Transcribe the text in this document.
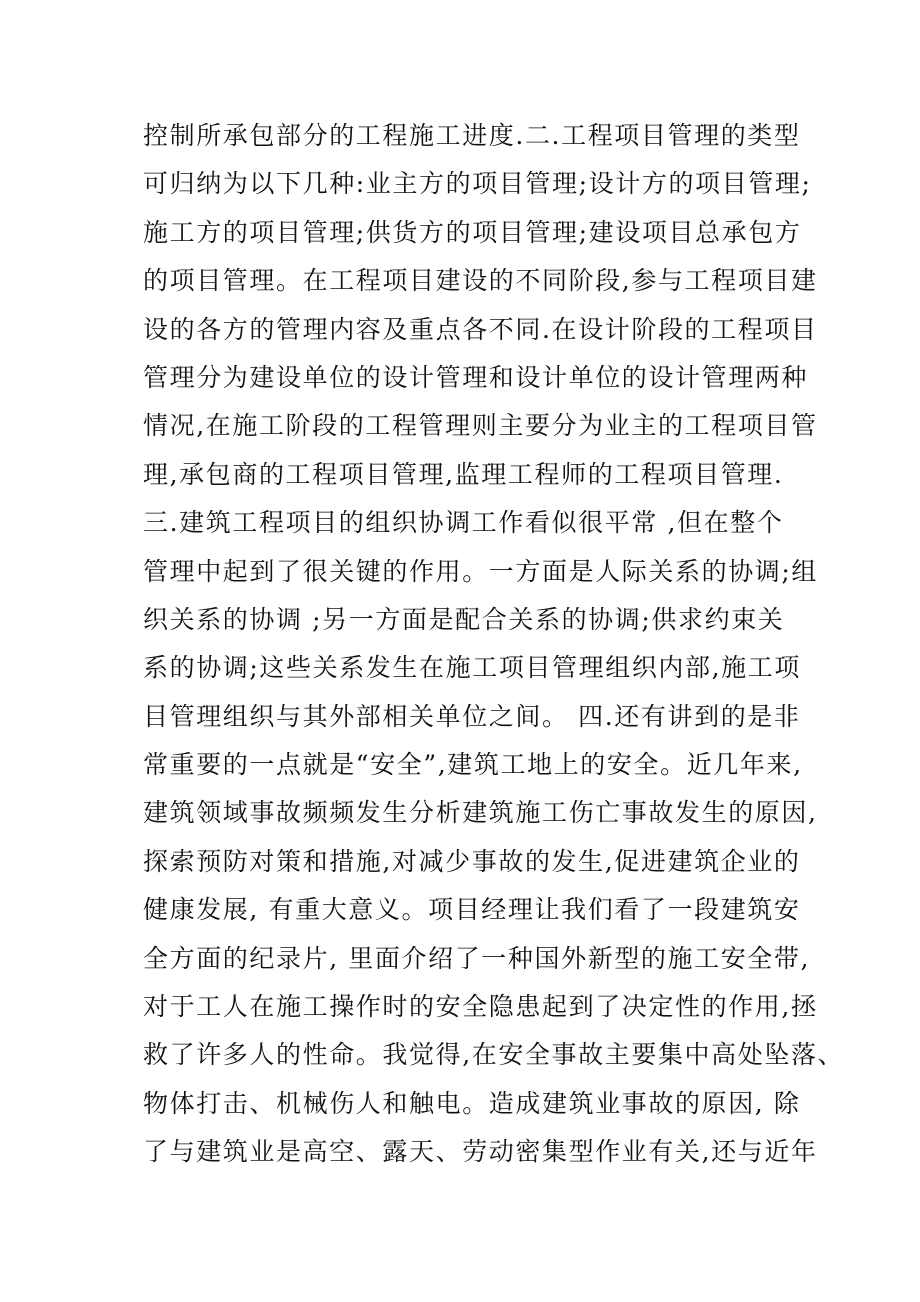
控制所承包部分的工程施工进度.二.工程项目管理的类型
可归纳为以下几种:业主方的项目管理;设计方的项目管理;
施工方的项目管理;供货方的项目管理;建设项目总承包方
的项目管理。在工程项目建设的不同阶段,参与工程项目建
设的各方的管理内容及重点各不同.在设计阶段的工程项目
管理分为建设单位的设计管理和设计单位的设计管理两种
情况,在施工阶段的工程管理则主要分为业主的工程项目管
理,承包商的工程项目管理,监理工程师的工程项目管理.
三.建筑工程项目的组织协调工作看似很平常 ,但在整个
管理中起到了很关键的作用。一方面是人际关系的协调;组
织关系的协调 ;另一方面是配合关系的协调;供求约束关
系的协调;这些关系发生在施工项目管理组织内部,施工项
目管理组织与其外部相关单位之间。 四.还有讲到的是非
常重要的一点就是“安全”,建筑工地上的安全。近几年来,
建筑领域事故频频发生分析建筑施工伤亡事故发生的原因,
探索预防对策和措施,对减少事故的发生,促进建筑企业的
健康发展, 有重大意义。项目经理让我们看了一段建筑安
全方面的纪录片, 里面介绍了一种国外新型的施工安全带,
对于工人在施工操作时的安全隐患起到了决定性的作用,拯
救了许多人的性命。我觉得,在安全事故主要集中高处坠落、
物体打击、机械伤人和触电。造成建筑业事故的原因, 除
了与建筑业是高空、露天、劳动密集型作业有关,还与近年
